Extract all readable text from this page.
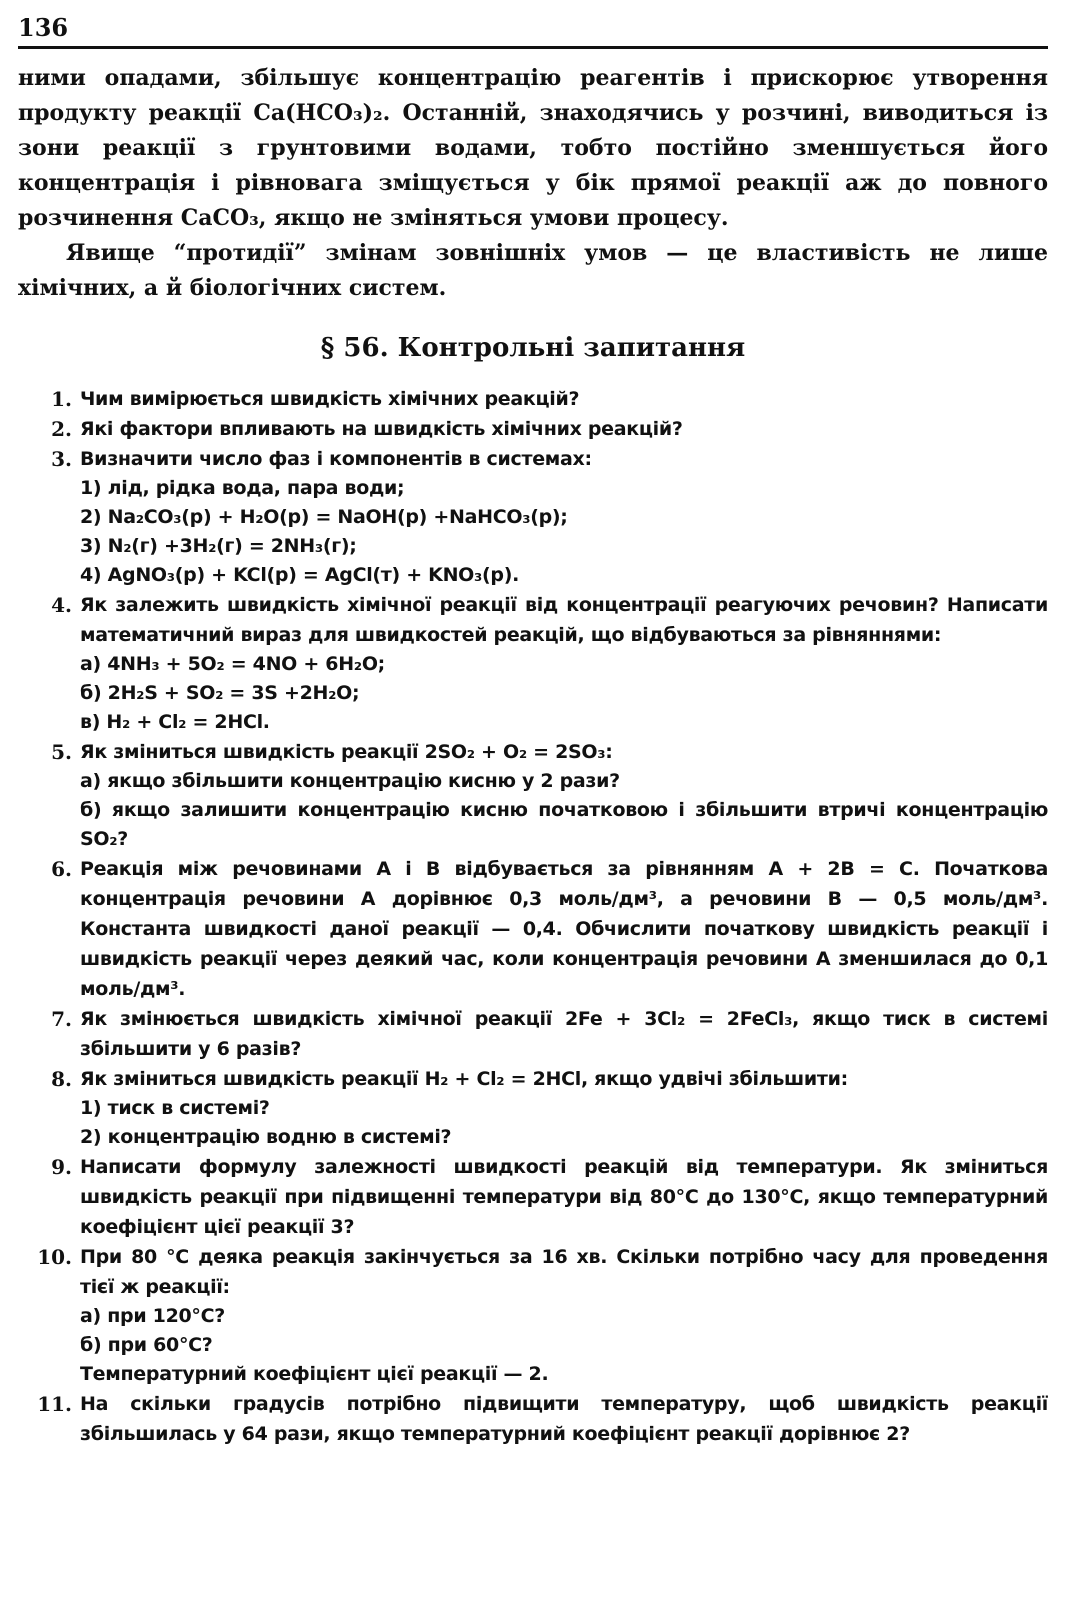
136

ними опадами, збільшує концентрацію реагентів і прискорює утворення продукту реакції Ca(HCO₃)₂. Останній, знаходячись у розчині, виводиться із зони реакції з грунтовими водами, тобто постійно зменшується його концентрація і рівновага зміщується у бік прямої реакції аж до повного розчинення CaCO₃, якщо не зміняться умови процесу.

Явище “протидії” змінам зовнішніх умов — це властивість не лише хімічних, а й біологічних систем.

§ 56. Контрольні запитання
1. Чим вимірюється швидкість хімічних реакцій?

2. Які фактори впливають на швидкість хімічних реакцій?

3. Визначити число фаз і компонентів в системах:

1) лід, рідка вода, пара води;

2) Na₂CO₃(р) + H₂O(р) = NaOH(р) +NaHCO₃(р);

3) N₂(г) +3H₂(г) = 2NH₃(г);

4) AgNO₃(р) + KCl(р) = AgCl(т) + KNO₃(р).

4. Як залежить швидкість хімічної реакції від концентрації реагуючих речовин? Написати математичний вираз для швидкостей реакцій, що відбуваються за рівняннями:

а) 4NH₃ + 5O₂ = 4NO + 6H₂O;

б) 2H₂S + SO₂ = 3S +2H₂O;

в) H₂ + Cl₂ = 2HCl.

5. Як зміниться швидкість реакції 2SO₂ + O₂ = 2SO₃:

а) якщо збільшити концентрацію кисню у 2 рази?

б) якщо залишити концентрацію кисню початковою і збільшити втричі концентрацію SO₂?

6. Реакція між речовинами A і B відбувається за рівнянням A + 2B = C. Початкова концентрація речовини A дорівнює 0,3 моль/дм³, а речовини B — 0,5 моль/дм³. Константа швидкості даної реакції — 0,4. Обчислити початкову швидкість реакції і швидкість реакції через деякий час, коли концентрація речовини A зменшилася до 0,1 моль/дм³.

7. Як змінюється швидкість хімічної реакції 2Fe + 3Cl₂ = 2FeCl₃, якщо тиск в системі збільшити у 6 разів?

8. Як зміниться швидкість реакції H₂ + Cl₂ = 2HCl, якщо удвічі збільшити:

1) тиск в системі?

2) концентрацію водню в системі?

9. Написати формулу залежності швидкості реакцій від температури. Як зміниться швидкість реакції при підвищенні температури від 80°C до 130°C, якщо температурний коефіцієнт цієї реакції 3?

10. При 80 °C деяка реакція закінчується за 16 хв. Скільки потрібно часу для проведення тієї ж реакції:

а) при 120°C?

б) при 60°C?

Температурний коефіцієнт цієї реакції — 2.

11. На скільки градусів потрібно підвищити температуру, щоб швидкість реакції збільшилась у 64 рази, якщо температурний коефіцієнт реакції дорівнює 2?
